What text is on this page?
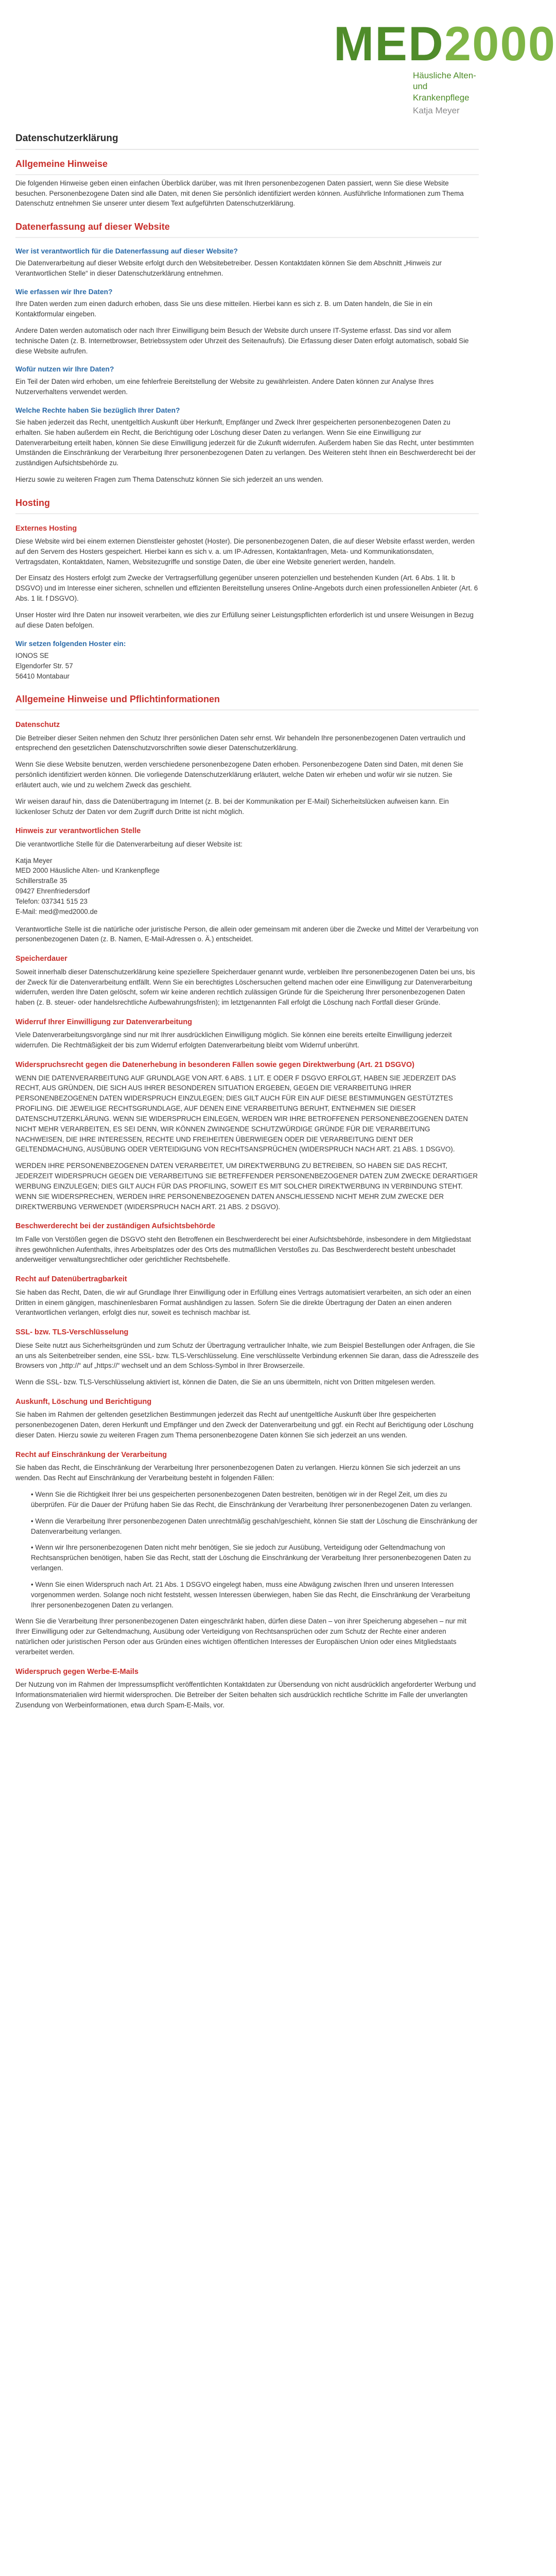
MED2000
Häusliche Alten- und
Krankenpflege
Katja Meyer
Datenschutzerklärung
Allgemeine Hinweise

Die folgenden Hinweise geben einen einfachen Überblick darüber, was mit Ihren personenbezogenen Daten passiert, wenn Sie diese Website besuchen. Personenbezogene Daten sind alle Daten, mit denen Sie persönlich identifiziert werden können. Ausführliche Informationen zum Thema Datenschutz entnehmen Sie unserer unter diesem Text aufgeführten Datenschutzerklärung.

Datenerfassung auf dieser Website
Wer ist verantwortlich für die Datenerfassung auf dieser Website?

Die Datenverarbeitung auf dieser Website erfolgt durch den Websitebetreiber. Dessen Kontaktdaten können Sie dem Abschnitt „Hinweis zur Verantwortlichen Stelle“ in dieser Datenschutzerklärung entnehmen.

Wie erfassen wir Ihre Daten?

Ihre Daten werden zum einen dadurch erhoben, dass Sie uns diese mitteilen. Hierbei kann es sich z. B. um Daten handeln, die Sie in ein Kontaktformular eingeben.

Andere Daten werden automatisch oder nach Ihrer Einwilligung beim Besuch der Website durch unsere IT-Systeme erfasst. Das sind vor allem technische Daten (z. B. Internetbrowser, Betriebssystem oder Uhrzeit des Seitenaufrufs). Die Erfassung dieser Daten erfolgt automatisch, sobald Sie diese Website aufrufen.

Wofür nutzen wir Ihre Daten?

Ein Teil der Daten wird erhoben, um eine fehlerfreie Bereitstellung der Website zu gewährleisten. Andere Daten können zur Analyse Ihres Nutzerverhaltens verwendet werden.

Welche Rechte haben Sie bezüglich Ihrer Daten?

Sie haben jederzeit das Recht, unentgeltlich Auskunft über Herkunft, Empfänger und Zweck Ihrer gespeicherten personenbezogenen Daten zu erhalten. Sie haben außerdem ein Recht, die Berichtigung oder Löschung dieser Daten zu verlangen. Wenn Sie eine Einwilligung zur Datenverarbeitung erteilt haben, können Sie diese Einwilligung jederzeit für die Zukunft widerrufen. Außerdem haben Sie das Recht, unter bestimmten Umständen die Einschränkung der Verarbeitung Ihrer personenbezogenen Daten zu verlangen. Des Weiteren steht Ihnen ein Beschwerderecht bei der zuständigen Aufsichtsbehörde zu.

Hierzu sowie zu weiteren Fragen zum Thema Datenschutz können Sie sich jederzeit an uns wenden.

Hosting
Externes Hosting

Diese Website wird bei einem externen Dienstleister gehostet (Hoster). Die personenbezogenen Daten, die auf dieser Website erfasst werden, werden auf den Servern des Hosters gespeichert. Hierbei kann es sich v. a. um IP-Adressen, Kontaktanfragen, Meta- und Kommunikationsdaten, Vertragsdaten, Kontaktdaten, Namen, Websitezugriffe und sonstige Daten, die über eine Website generiert werden, handeln.

Der Einsatz des Hosters erfolgt zum Zwecke der Vertragserfüllung gegenüber unseren potenziellen und bestehenden Kunden (Art. 6 Abs. 1 lit. b DSGVO) und im Interesse einer sicheren, schnellen und effizienten Bereitstellung unseres Online-Angebots durch einen professionellen Anbieter (Art. 6 Abs. 1 lit. f DSGVO).

Unser Hoster wird Ihre Daten nur insoweit verarbeiten, wie dies zur Erfüllung seiner Leistungspflichten erforderlich ist und unsere Weisungen in Bezug auf diese Daten befolgen.

Wir setzen folgenden Hoster ein:

IONOS SE

Elgendorfer Str. 57

56410 Montabaur

Allgemeine Hinweise und Pflichtinformationen
Datenschutz

Die Betreiber dieser Seiten nehmen den Schutz Ihrer persönlichen Daten sehr ernst. Wir behandeln Ihre personenbezogenen Daten vertraulich und entsprechend den gesetzlichen Datenschutzvorschriften sowie dieser Datenschutzerklärung.

Wenn Sie diese Website benutzen, werden verschiedene personenbezogene Daten erhoben. Personenbezogene Daten sind Daten, mit denen Sie persönlich identifiziert werden können. Die vorliegende Datenschutzerklärung erläutert, welche Daten wir erheben und wofür wir sie nutzen. Sie erläutert auch, wie und zu welchem Zweck das geschieht.

Wir weisen darauf hin, dass die Datenübertragung im Internet (z. B. bei der Kommunikation per E-Mail) Sicherheitslücken aufweisen kann. Ein lückenloser Schutz der Daten vor dem Zugriff durch Dritte ist nicht möglich.

Hinweis zur verantwortlichen Stelle

Die verantwortliche Stelle für die Datenverarbeitung auf dieser Website ist:

Katja Meyer

MED 2000 Häusliche Alten- und Krankenpflege

Schillerstraße 35

09427 Ehrenfriedersdorf

Telefon: 037341 515 23

E-Mail: med@med2000.de

Verantwortliche Stelle ist die natürliche oder juristische Person, die allein oder gemeinsam mit anderen über die Zwecke und Mittel der Verarbeitung von personenbezogenen Daten (z. B. Namen, E-Mail-Adressen o. Ä.) entscheidet.

Speicherdauer

Soweit innerhalb dieser Datenschutzerklärung keine speziellere Speicherdauer genannt wurde, verbleiben Ihre personenbezogenen Daten bei uns, bis der Zweck für die Datenverarbeitung entfällt. Wenn Sie ein berechtigtes Löschersuchen geltend machen oder eine Einwilligung zur Datenverarbeitung widerrufen, werden Ihre Daten gelöscht, sofern wir keine anderen rechtlich zulässigen Gründe für die Speicherung Ihrer personenbezogenen Daten haben (z. B. steuer- oder handelsrechtliche Aufbewahrungsfristen); im letztgenannten Fall erfolgt die Löschung nach Fortfall dieser Gründe.

Widerruf Ihrer Einwilligung zur Datenverarbeitung

Viele Datenverarbeitungsvorgänge sind nur mit Ihrer ausdrücklichen Einwilligung möglich. Sie können eine bereits erteilte Einwilligung jederzeit widerrufen. Die Rechtmäßigkeit der bis zum Widerruf erfolgten Datenverarbeitung bleibt vom Widerruf unberührt.

Widerspruchsrecht gegen die Datenerhebung in besonderen Fällen sowie gegen Direktwerbung (Art. 21 DSGVO)

WENN DIE DATENVERARBEITUNG AUF GRUNDLAGE VON ART. 6 ABS. 1 LIT. E ODER F DSGVO ERFOLGT, HABEN SIE JEDERZEIT DAS RECHT, AUS GRÜNDEN, DIE SICH AUS IHRER BESONDEREN SITUATION ERGEBEN, GEGEN DIE VERARBEITUNG IHRER PERSONENBEZOGENEN DATEN WIDERSPRUCH EINZULEGEN; DIES GILT AUCH FÜR EIN AUF DIESE BESTIMMUNGEN GESTÜTZTES PROFILING. DIE JEWEILIGE RECHTSGRUNDLAGE, AUF DENEN EINE VERARBEITUNG BERUHT, ENTNEHMEN SIE DIESER DATENSCHUTZERKLÄRUNG. WENN SIE WIDERSPRUCH EINLEGEN, WERDEN WIR IHRE BETROFFENEN PERSONENBEZOGENEN DATEN NICHT MEHR VERARBEITEN, ES SEI DENN, WIR KÖNNEN ZWINGENDE SCHUTZWÜRDIGE GRÜNDE FÜR DIE VERARBEITUNG NACHWEISEN, DIE IHRE INTERESSEN, RECHTE UND FREIHEITEN ÜBERWIEGEN ODER DIE VERARBEITUNG DIENT DER GELTENDMACHUNG, AUSÜBUNG ODER VERTEIDIGUNG VON RECHTSANSPRÜCHEN (WIDERSPRUCH NACH ART. 21 ABS. 1 DSGVO).

WERDEN IHRE PERSONENBEZOGENEN DATEN VERARBEITET, UM DIREKTWERBUNG ZU BETREIBEN, SO HABEN SIE DAS RECHT, JEDERZEIT WIDERSPRUCH GEGEN DIE VERARBEITUNG SIE BETREFFENDER PERSONENBEZOGENER DATEN ZUM ZWECKE DERARTIGER WERBUNG EINZULEGEN; DIES GILT AUCH FÜR DAS PROFILING, SOWEIT ES MIT SOLCHER DIREKTWERBUNG IN VERBINDUNG STEHT. WENN SIE WIDERSPRECHEN, WERDEN IHRE PERSONENBEZOGENEN DATEN ANSCHLIESSEND NICHT MEHR ZUM ZWECKE DER DIREKTWERBUNG VERWENDET (WIDERSPRUCH NACH ART. 21 ABS. 2 DSGVO).

Beschwerderecht bei der zuständigen Aufsichtsbehörde

Im Falle von Verstößen gegen die DSGVO steht den Betroffenen ein Beschwerderecht bei einer Aufsichtsbehörde, insbesondere in dem Mitgliedstaat ihres gewöhnlichen Aufenthalts, ihres Arbeitsplatzes oder des Orts des mutmaßlichen Verstoßes zu. Das Beschwerderecht besteht unbeschadet anderweitiger verwaltungsrechtlicher oder gerichtlicher Rechtsbehelfe.

Recht auf Datenübertragbarkeit

Sie haben das Recht, Daten, die wir auf Grundlage Ihrer Einwilligung oder in Erfüllung eines Vertrags automatisiert verarbeiten, an sich oder an einen Dritten in einem gängigen, maschinenlesbaren Format aushändigen zu lassen. Sofern Sie die direkte Übertragung der Daten an einen anderen Verantwortlichen verlangen, erfolgt dies nur, soweit es technisch machbar ist.

SSL- bzw. TLS-Verschlüsselung

Diese Seite nutzt aus Sicherheitsgründen und zum Schutz der Übertragung vertraulicher Inhalte, wie zum Beispiel Bestellungen oder Anfragen, die Sie an uns als Seitenbetreiber senden, eine SSL- bzw. TLS-Verschlüsselung. Eine verschlüsselte Verbindung erkennen Sie daran, dass die Adresszeile des Browsers von „http://“ auf „https://“ wechselt und an dem Schloss-Symbol in Ihrer Browserzeile.

Wenn die SSL- bzw. TLS-Verschlüsselung aktiviert ist, können die Daten, die Sie an uns übermitteln, nicht von Dritten mitgelesen werden.

Auskunft, Löschung und Berichtigung

Sie haben im Rahmen der geltenden gesetzlichen Bestimmungen jederzeit das Recht auf unentgeltliche Auskunft über Ihre gespeicherten personenbezogenen Daten, deren Herkunft und Empfänger und den Zweck der Datenverarbeitung und ggf. ein Recht auf Berichtigung oder Löschung dieser Daten. Hierzu sowie zu weiteren Fragen zum Thema personenbezogene Daten können Sie sich jederzeit an uns wenden.

Recht auf Einschränkung der Verarbeitung

Sie haben das Recht, die Einschränkung der Verarbeitung Ihrer personenbezogenen Daten zu verlangen. Hierzu können Sie sich jederzeit an uns wenden. Das Recht auf Einschränkung der Verarbeitung besteht in folgenden Fällen:

• Wenn Sie die Richtigkeit Ihrer bei uns gespeicherten personenbezogenen Daten bestreiten, benötigen wir in der Regel Zeit, um dies zu überprüfen. Für die Dauer der Prüfung haben Sie das Recht, die Einschränkung der Verarbeitung Ihrer personenbezogenen Daten zu verlangen.
• Wenn die Verarbeitung Ihrer personenbezogenen Daten unrechtmäßig geschah/geschieht, können Sie statt der Löschung die Einschränkung der Datenverarbeitung verlangen.
• Wenn wir Ihre personenbezogenen Daten nicht mehr benötigen, Sie sie jedoch zur Ausübung, Verteidigung oder Geltendmachung von Rechtsansprüchen benötigen, haben Sie das Recht, statt der Löschung die Einschränkung der Verarbeitung Ihrer personenbezogenen Daten zu verlangen.
• Wenn Sie einen Widerspruch nach Art. 21 Abs. 1 DSGVO eingelegt haben, muss eine Abwägung zwischen Ihren und unseren Interessen vorgenommen werden. Solange noch nicht feststeht, wessen Interessen überwiegen, haben Sie das Recht, die Einschränkung der Verarbeitung Ihrer personenbezogenen Daten zu verlangen.

Wenn Sie die Verarbeitung Ihrer personenbezogenen Daten eingeschränkt haben, dürfen diese Daten – von ihrer Speicherung abgesehen – nur mit Ihrer Einwilligung oder zur Geltendmachung, Ausübung oder Verteidigung von Rechtsansprüchen oder zum Schutz der Rechte einer anderen natürlichen oder juristischen Person oder aus Gründen eines wichtigen öffentlichen Interesses der Europäischen Union oder eines Mitgliedstaats verarbeitet werden.

Widerspruch gegen Werbe-E-Mails

Der Nutzung von im Rahmen der Impressumspflicht veröffentlichten Kontaktdaten zur Übersendung von nicht ausdrücklich angeforderter Werbung und Informationsmaterialien wird hiermit widersprochen. Die Betreiber der Seiten behalten sich ausdrücklich rechtliche Schritte im Falle der unverlangten Zusendung von Werbeinformationen, etwa durch Spam-E-Mails, vor.
